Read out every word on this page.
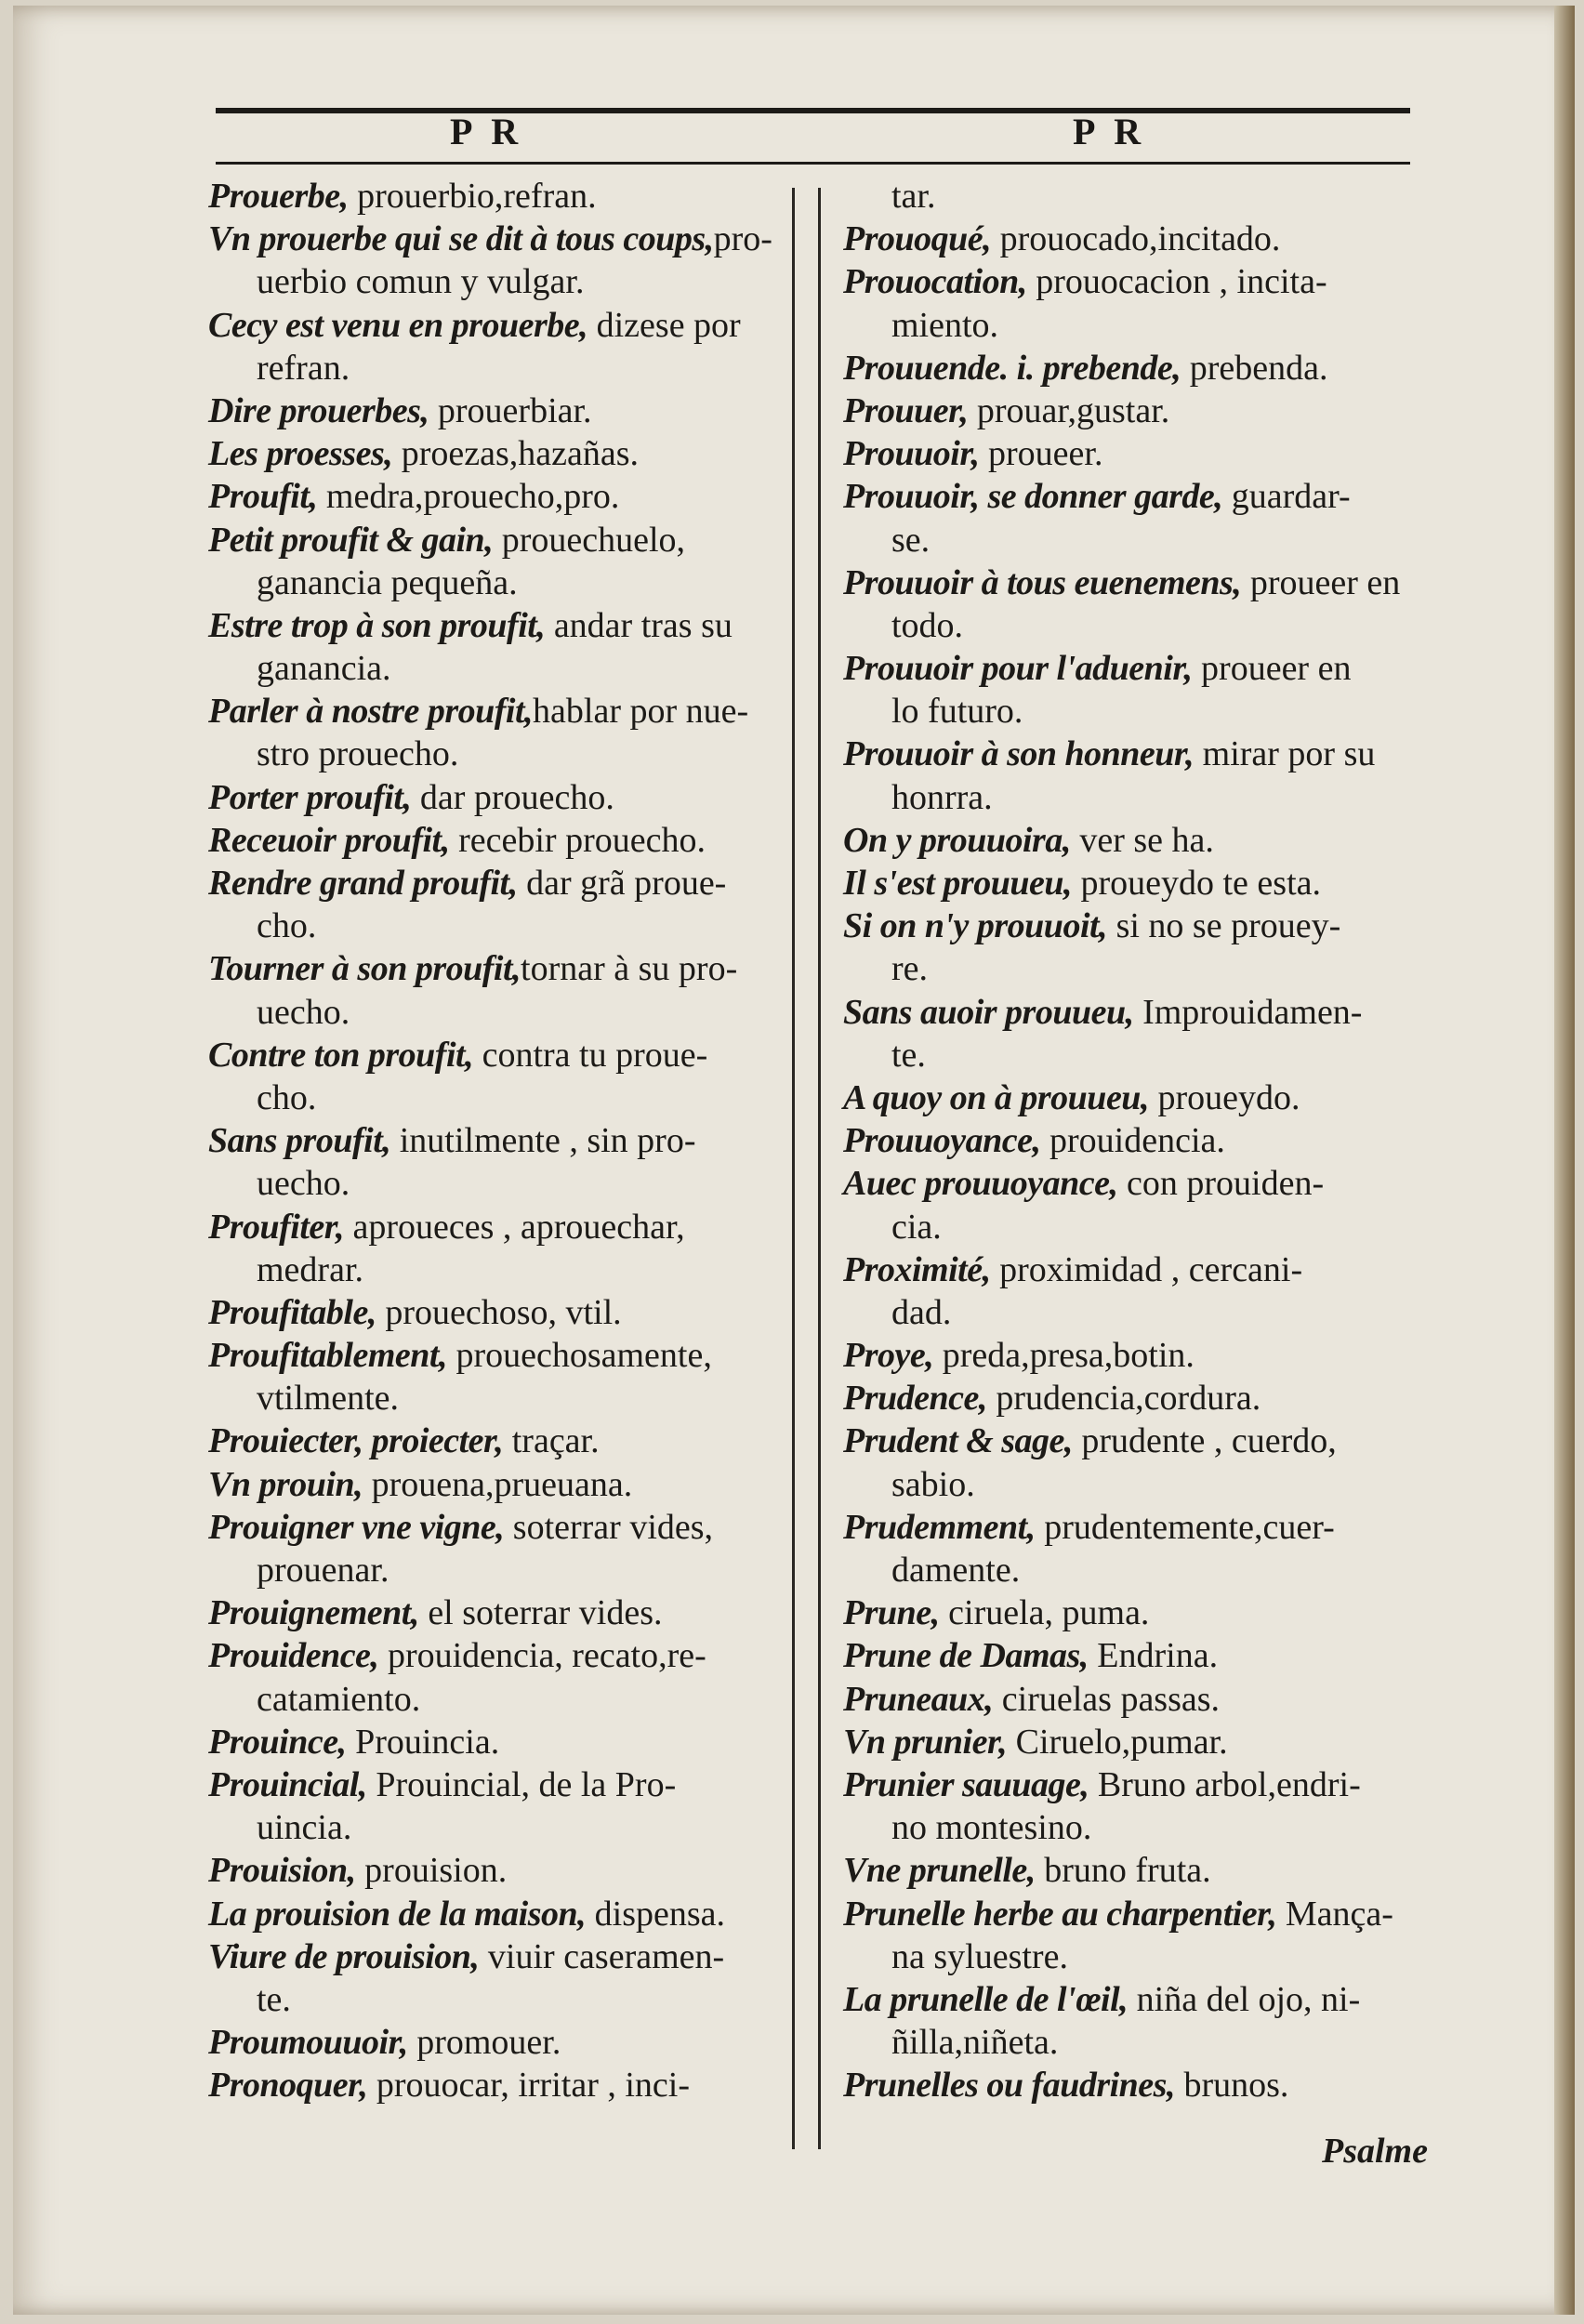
P R	P R
Prouerbe, prouerbio,refran.
Vn prouerbe qui se dit à tous coups,pro-
uerbio comun y vulgar.
Cecy est venu en prouerbe, dizese por
refran.
Dire prouerbes, prouerbiar.
Les proesses, proezas,hazañas.
Proufit, medra,prouecho,pro.
Petit proufit & gain, prouechuelo,
ganancia pequeña.
Estre trop à son proufit, andar tras su
ganancia.
Parler à nostre proufit,hablar por nue-
stro prouecho.
Porter proufit, dar prouecho.
Receuoir proufit, recebir prouecho.
Rendre grand proufit, dar grã proue-
cho.
Tourner à son proufit,tornar à su pro-
uecho.
Contre ton proufit, contra tu proue-
cho.
Sans proufit, inutilmente , sin pro-
uecho.
Proufiter, aproueces , aprouechar,
medrar.
Proufitable, prouechoso, vtil.
Proufitablement, prouechosamente,
vtilmente.
Prouiecter, proiecter, traçar.
Vn prouin, prouena,prueuana.
Prouigner vne vigne, soterrar vides,
prouenar.
Prouignement, el soterrar vides.
Prouidence, prouidencia, recato,re-
catamiento.
Prouince, Prouincia.
Prouincial, Prouincial, de la Pro-
uincia.
Prouision, prouision.
La prouision de la maison, dispensa.
Viure de prouision, viuir caseramen-
te.
Proumouuoir, promouer.
Pronoquer, prouocar, irritar , inci-
tar.
Prouoqué, prouocado,incitado.
Prouocation, prouocacion , incita-
miento.
Prouuende. i. prebende, prebenda.
Prouuer, prouar,gustar.
Prouuoir, proueer.
Prouuoir, se donner garde, guardar-
se.
Prouuoir à tous euenemens, proueer en
todo.
Prouuoir pour l'aduenir, proueer en
lo futuro.
Prouuoir à son honneur, mirar por su
honrra.
On y prouuoira, ver se ha.
Il s'est prouueu, proueydo te esta.
Si on n'y prouuoit, si no se prouey-
re.
Sans auoir prouueu, Improuidamen-
te.
A quoy on à prouueu, proueydo.
Prouuoyance, prouidencia.
Auec prouuoyance, con prouiden-
cia.
Proximité, proximidad , cercani-
dad.
Proye, preda,presa,botin.
Prudence, prudencia,cordura.
Prudent & sage, prudente , cuerdo,
sabio.
Prudemment, prudentemente,cuer-
damente.
Prune, ciruela, puma.
Prune de Damas, Endrina.
Pruneaux, ciruelas passas.
Vn prunier, Ciruelo,pumar.
Prunier sauuage, Bruno arbol,endri-
no montesino.
Vne prunelle, bruno fruta.
Prunelle herbe au charpentier, Mança-
na syluestre.
La prunelle de l'œil, niña del ojo, ni-
ñilla,niñeta.
Prunelles ou faudrines, brunos.
Psalme
